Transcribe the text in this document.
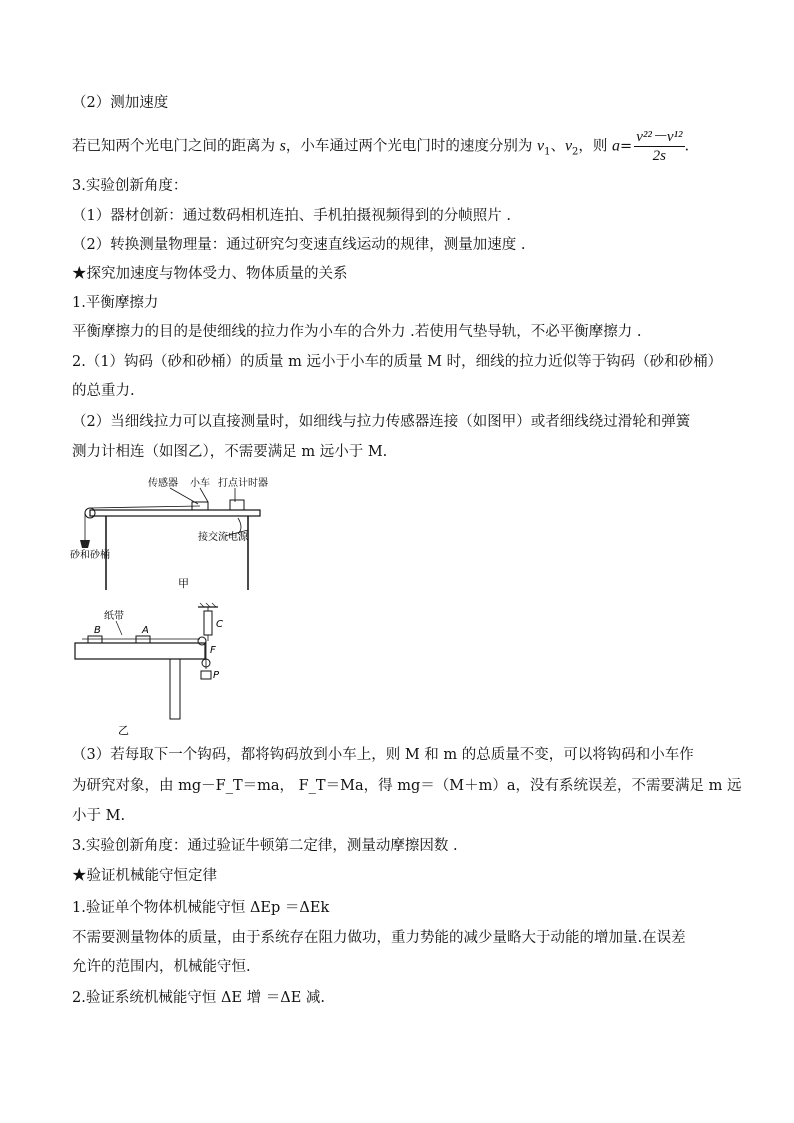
（2）测加速度
若已知两个光电门之间的距离为 s，小车通过两个光电门时的速度分别为 $v_1$、$v_2$，则 $a= \frac{\text{v²²－v¹²}}{2s}$ .
3.实验创新角度：
（1）器材创新：通过数码相机连拍、手机拍摄视频得到的分帧照片 .
（2）转换测量物理量：通过研究匀变速直线运动的规律，测量加速度 .
★探究加速度与物体受力、物体质量的关系
1.平衡摩擦力
平衡摩擦力的目的是使细线的拉力作为小车的合外力 .若使用气垫导轨，不必平衡摩擦力 .
2.（1）钩码（砂和砂桶）的质量 m 远小于小车的质量 M 时，细线的拉力近似等于钩码（砂和砂桶）
的总重力.
（2）当细线拉力可以直接测量时，如细线与拉力传感器连接（如图甲）或者细线绕过滑轮和弹簧
测力计相连（如图乙），不需要满足 m 远小于 M.
传感器 小车 打点计时器
接交流电源
砂和砂桶
甲
纸带
B	A
C
F
P
乙
（3）若每取下一个钩码，都将钩码放到小车上，则 M 和 m 的总质量不变，可以将钩码和小车作
为研究对象，由 mg－F_T＝ma， F_T＝Ma，得 mg＝（M＋m）a，没有系统误差，不需要满足 m 远
小于 M.
3.实验创新角度：通过验证牛顿第二定律，测量动摩擦因数 .
★验证机械能守恒定律
1.验证单个物体机械能守恒 ΔEp ＝ΔEk
不需要测量物体的质量，由于系统存在阻力做功，重力势能的减少量略大于动能的增加量.在误差
允许的范围内，机械能守恒.
2.验证系统机械能守恒 ΔE 增 ＝ΔE 减.
